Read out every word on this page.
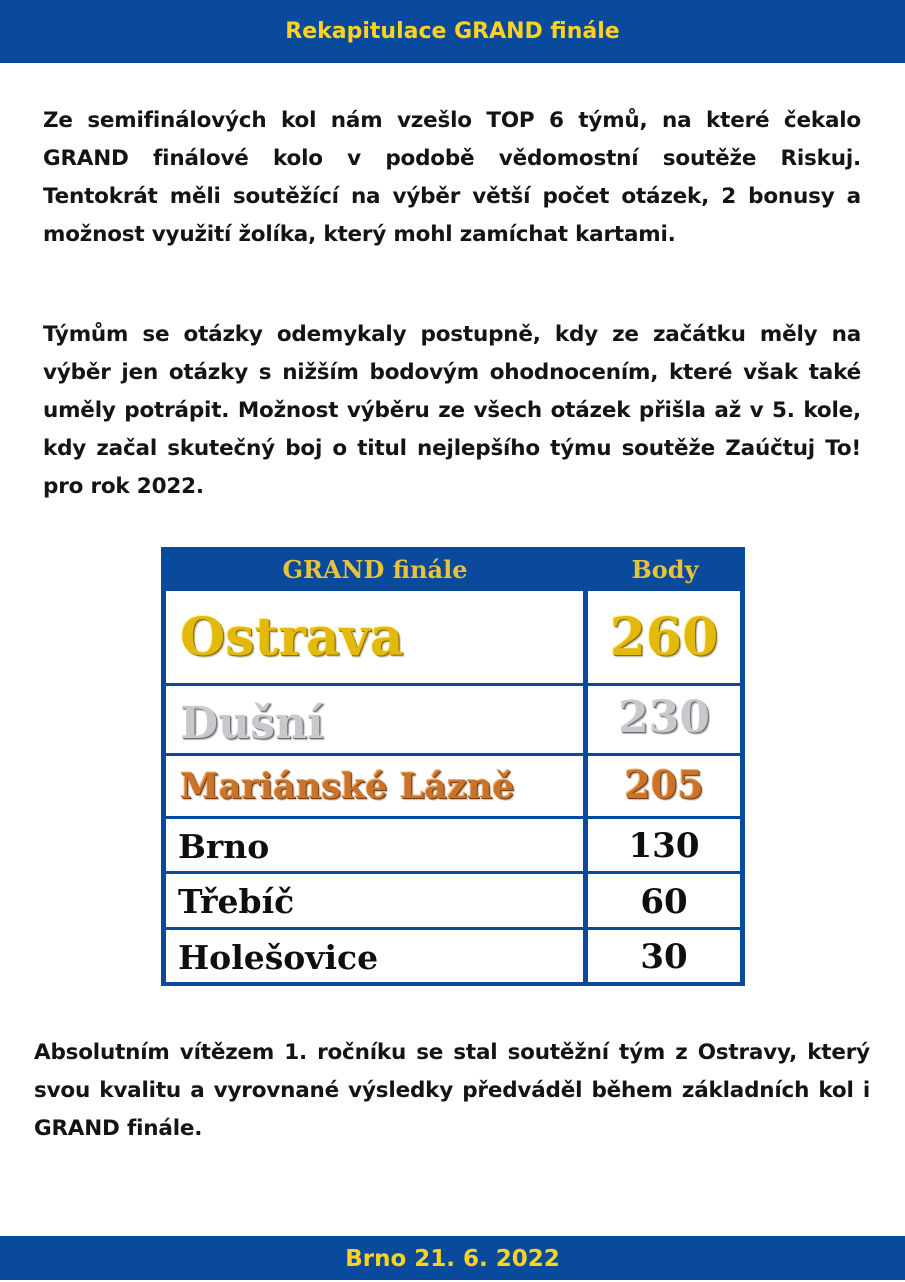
Rekapitulace GRAND finále

Ze semifinálových kol nám vzešlo TOP 6 týmů, na které čekalo GRAND finálové kolo v podobě vědomostní soutěže Riskuj. Tentokrát měli soutěžící na výběr větší počet otázek, 2 bonusy a možnost využití žolíka, který mohl zamíchat kartami.

Týmům se otázky odemykaly postupně, kdy ze začátku měly na výběr jen otázky s nižším bodovým ohodnocením, které však také uměly potrápit. Možnost výběru ze všech otázek přišla až v 5. kole, kdy začal skutečný boj o titul nejlepšího týmu soutěže Zaúčtuj To! pro rok 2022.

GRAND finále	Body
Ostrava	260
Dušní	230
Mariánské Lázně	205
Brno	130
Třebíč	60
Holešovice	30

Absolutním vítězem 1. ročníku se stal soutěžní tým z Ostravy, který svou kvalitu a vyrovnané výsledky předváděl během základních kol i GRAND finále.

Brno 21. 6. 2022
